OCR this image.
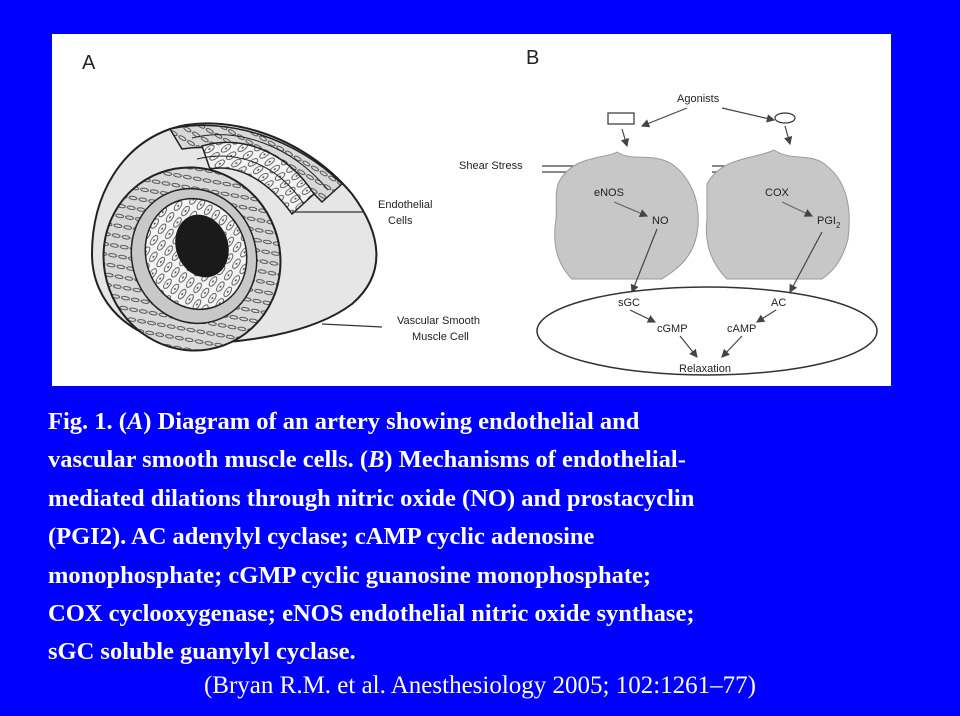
A	B
Endothelial
Cells
Vascular Smooth
Muscle Cell
Agonists
Shear Stress
eNOS
NO
COX
$PGI_2$
sGC	AC
cGMP	cAMP
Relaxation
Fig. 1. (A) Diagram of an artery showing endothelial and
vascular smooth muscle cells. (B) Mechanisms of endothelial-
mediated dilations through nitric oxide (NO) and prostacyclin
(PGI2). AC adenylyl cyclase; cAMP cyclic adenosine
monophosphate; cGMP cyclic guanosine monophosphate;
COX cyclooxygenase; eNOS endothelial nitric oxide synthase;
sGC soluble guanylyl cyclase.
(Bryan R.M. et al. Anesthesiology 2005; 102:1261–77)
